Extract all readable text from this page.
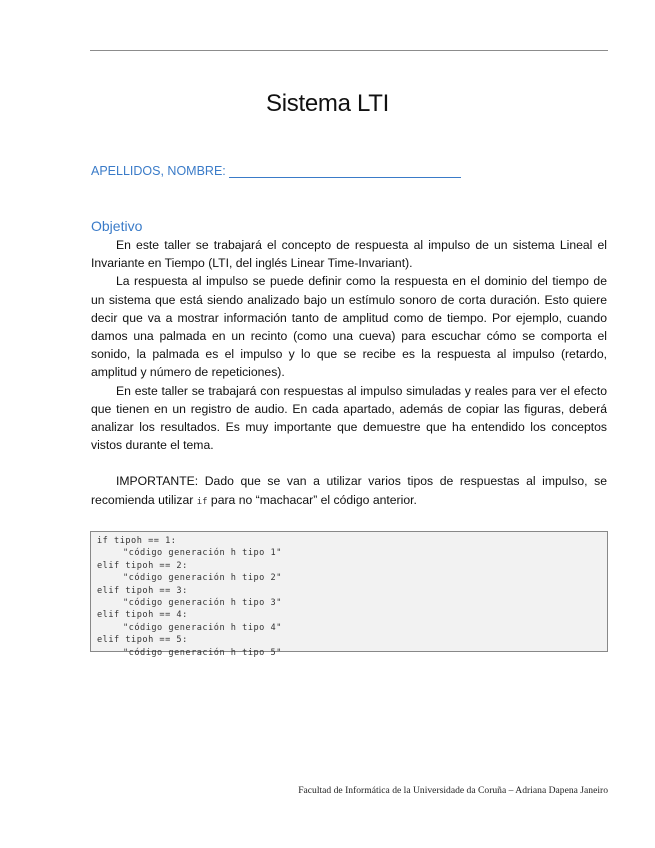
Sistema LTI
APELLIDOS, NOMBRE:
Objetivo

En este taller se trabajará el concepto de respuesta al impulso de un sistema Lineal el Invariante en Tiempo (LTI, del inglés Linear Time-Invariant).

La respuesta al impulso se puede definir como la respuesta en el dominio del tiempo de un sistema que está siendo analizado bajo un estímulo sonoro de corta duración. Esto quiere decir que va a mostrar información tanto de amplitud como de tiempo. Por ejemplo, cuando damos una palmada en un recinto (como una cueva) para escuchar cómo se comporta el sonido, la palmada es el impulso y lo que se recibe es la respuesta al impulso (retardo, amplitud y número de repeticiones).

En este taller se trabajará con respuestas al impulso simuladas y reales para ver el efecto que tienen en un registro de audio. En cada apartado, además de copiar las figuras, deberá analizar los resultados. Es muy importante que demuestre que ha entendido los conceptos vistos durante el tema.

IMPORTANTE: Dado que se van a utilizar varios tipos de respuestas al impulso, se recomienda utilizar if para no “machacar” el código anterior.

if tipoh == 1:
"código generación h tipo 1"
elif tipoh == 2:
"código generación h tipo 2"
elif tipoh == 3:
"código generación h tipo 3"
elif tipoh == 4:
"código generación h tipo 4"
elif tipoh == 5:
"código generación h tipo 5"
Facultad de Informática de la Universidade da Coruña – Adriana Dapena Janeiro
